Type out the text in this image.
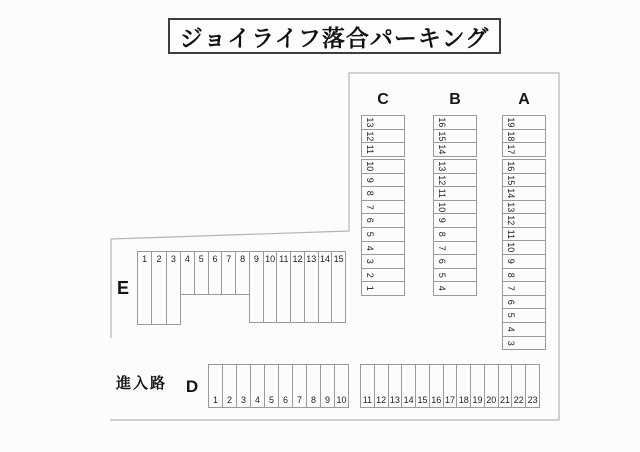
ジョイライフ落合パーキング
C
13
12
11
10
9
8
7
6
5
4
3
2
1
B
16
15
14
13
12
11
10
9
8
7
6
5
4
A
19
18
17
16
15
14
13
12
11
10
9
8
7
6
5
4
3
E
1	2	3	4 5 6 7 8 9 10 11 12 13 14 15
D
1 2 3 4 5 6 7 8 9 10 11 12 13 14 15 16 17 18 19 20 21 22 23
進入路
